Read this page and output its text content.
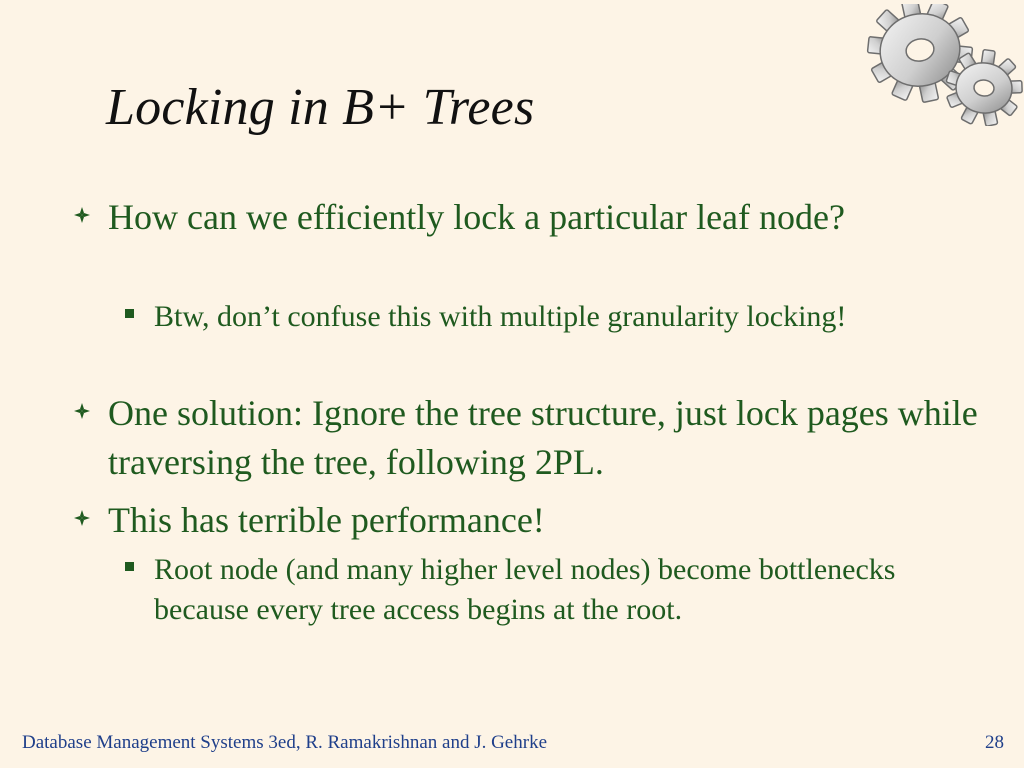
Locking in B+ Trees
How can we efficiently lock a particular leaf node?
Btw, don’t confuse this with multiple granularity locking!
One solution: Ignore the tree structure, just lock pages while traversing the tree, following 2PL.
This has terrible performance!
Root node (and many higher level nodes) become bottlenecks because every tree access begins at the root.
Database Management Systems 3ed, R. Ramakrishnan and J. Gehrke	28
